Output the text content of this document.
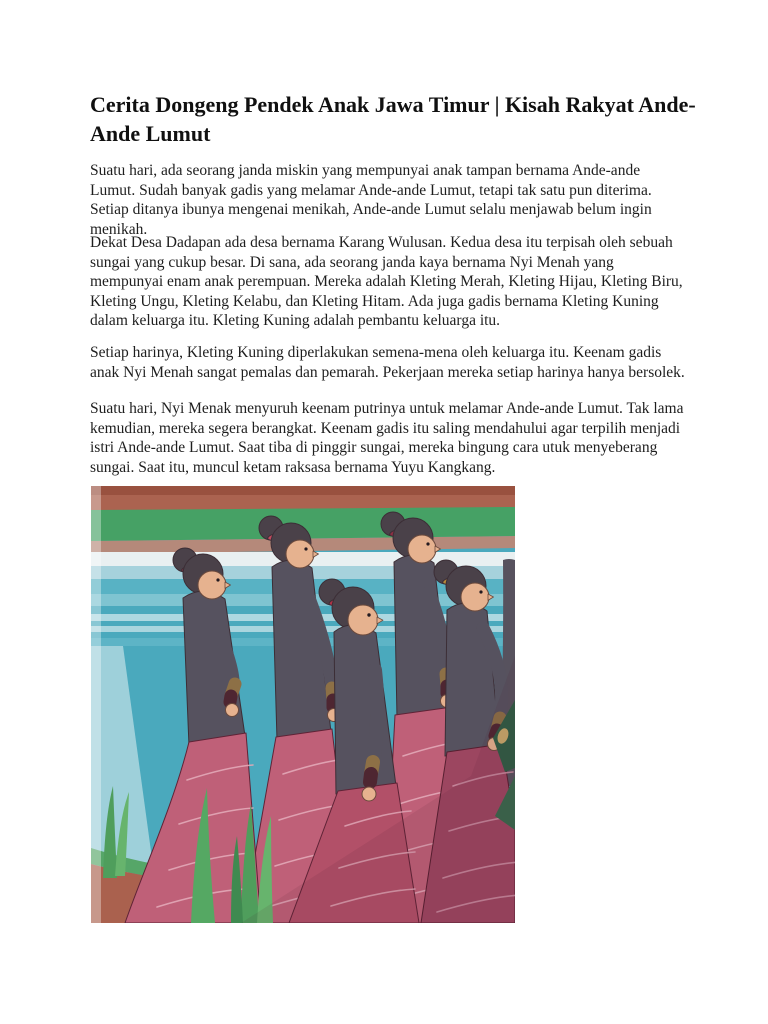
Cerita Dongeng Pendek Anak Jawa Timur | Kisah Rakyat Ande-Ande Lumut

Suatu hari, ada seorang janda miskin yang mempunyai anak tampan bernama Ande-ande Lumut. Sudah banyak gadis yang melamar Ande-ande Lumut, tetapi tak satu pun diterima. Setiap ditanya ibunya mengenai menikah, Ande-ande Lumut selalu menjawab belum ingin menikah.

Dekat Desa Dadapan ada desa bernama Karang Wulusan. Kedua desa itu terpisah oleh sebuah sungai yang cukup besar. Di sana, ada seorang janda kaya bernama Nyi Menah yang mempunyai enam anak perempuan. Mereka adalah Kleting Merah, Kleting Hijau, Kleting Biru, Kleting Ungu, Kleting Kelabu, dan Kleting Hitam. Ada juga gadis bernama Kleting Kuning dalam keluarga itu. Kleting Kuning adalah pembantu keluarga itu.

Setiap harinya, Kleting Kuning diperlakukan semena-mena oleh keluarga itu. Keenam gadis anak Nyi Menah sangat pemalas dan pemarah. Pekerjaan mereka setiap harinya hanya bersolek.

Suatu hari, Nyi Menak menyuruh keenam putrinya untuk melamar Ande-ande Lumut. Tak lama kemudian, mereka segera berangkat. Keenam gadis itu saling mendahului agar terpilih menjadi istri Ande-ande Lumut. Saat tiba di pinggir sungai, mereka bingung cara utuk menyeberang sungai. Saat itu, muncul ketam raksasa bernama Yuyu Kangkang.
